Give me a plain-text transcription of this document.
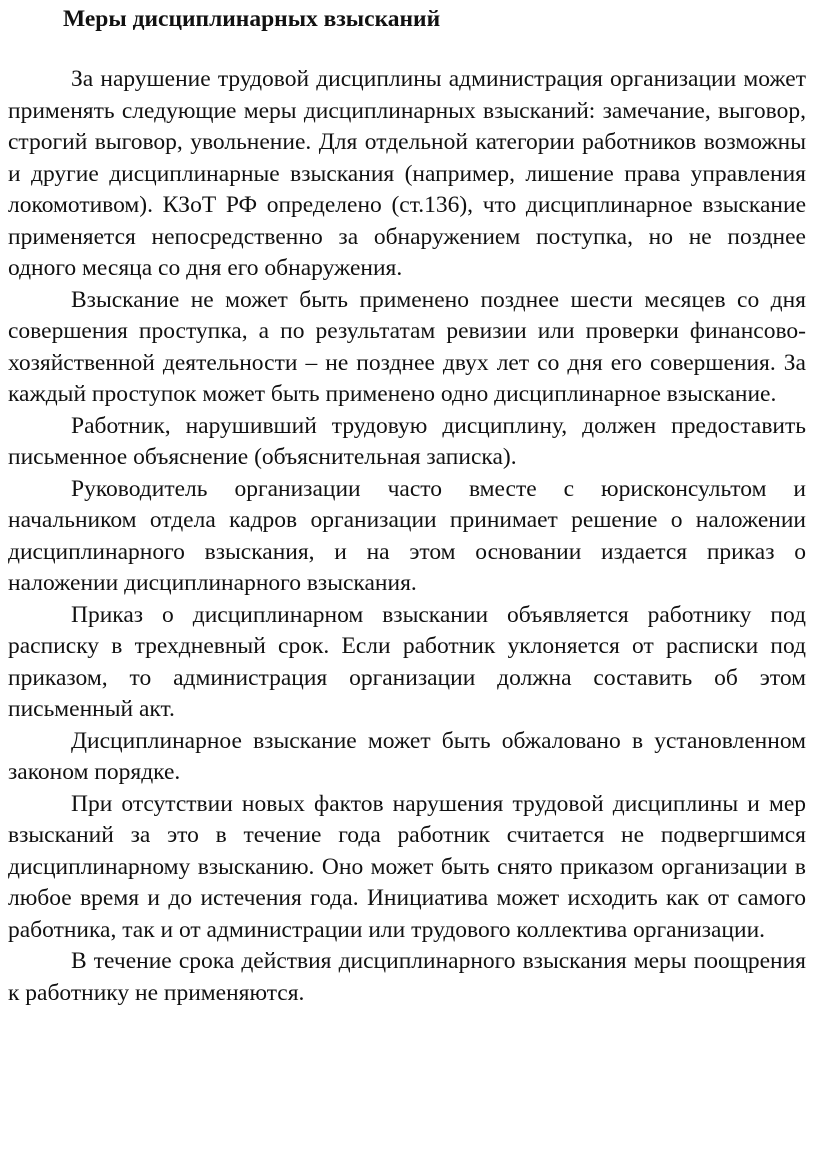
Меры дисциплинарных взысканий

За нарушение трудовой дисциплины администрация организации может применять следующие меры дисциплинарных взысканий: замечание, выговор, строгий выговор, увольнение. Для отдельной категории работников возможны и другие дисциплинарные взыскания (например, лишение права управления локомотивом). КЗоТ РФ определено (ст.136), что дисциплинарное взыскание применяется непосредственно за обнаружением поступка, но не позднее одного месяца со дня его обнаружения.

Взыскание не может быть применено позднее шести месяцев со дня совершения проступка, а по результатам ревизии или проверки финансово-хозяйственной деятельности – не позднее двух лет со дня его совершения. За каждый проступок может быть применено одно дисциплинарное взыскание.

Работник, нарушивший трудовую дисциплину, должен предоставить письменное объяснение (объяснительная записка).

Руководитель организации часто вместе с юрисконсультом и начальником отдела кадров организации принимает решение о наложении дисциплинарного взыскания, и на этом основании издается приказ о наложении дисциплинарного взыскания.

Приказ о дисциплинарном взыскании объявляется работнику под расписку в трехдневный срок. Если работник уклоняется от расписки под приказом, то администрация организации должна составить об этом письменный акт.

Дисциплинарное взыскание может быть обжаловано в установленном законом порядке.

При отсутствии новых фактов нарушения трудовой дисциплины и мер взысканий за это в течение года работник считается не подвергшимся дисциплинарному взысканию. Оно может быть снято приказом организации в любое время и до истечения года. Инициатива может исходить как от самого работника, так и от администрации или трудового коллектива организации.

В течение срока действия дисциплинарного взыскания меры поощрения к работнику не применяются.
